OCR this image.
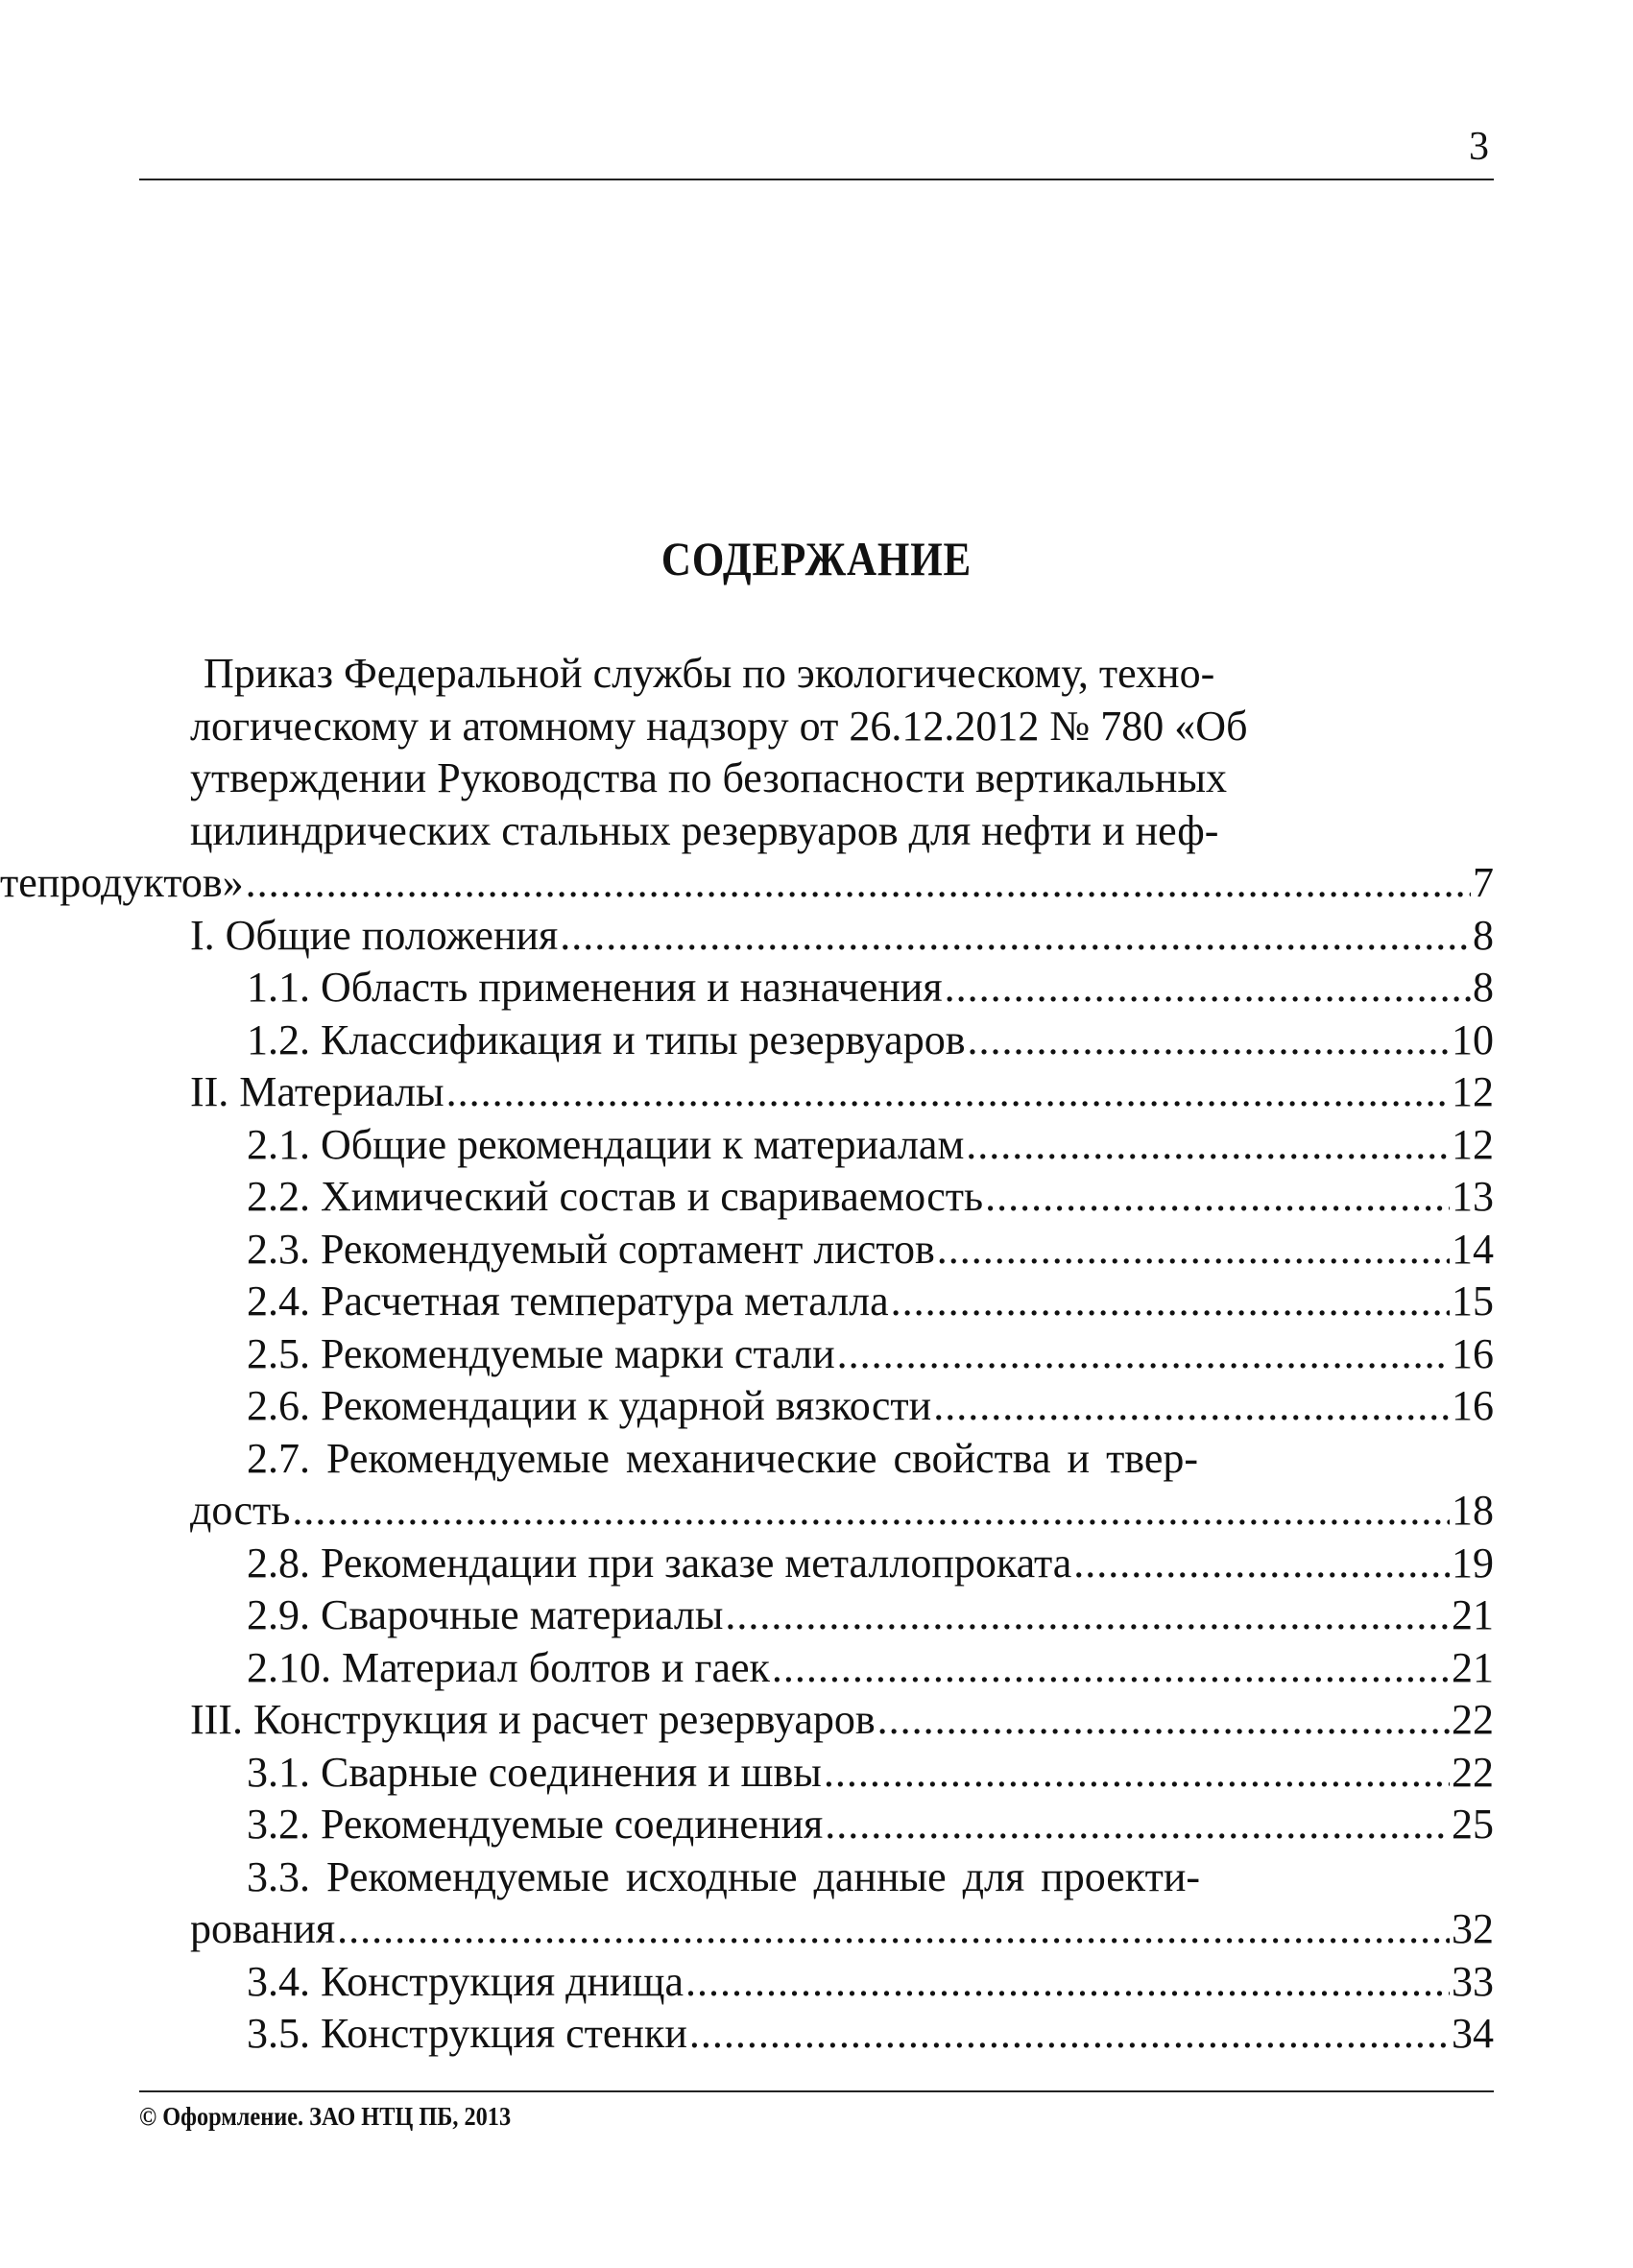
3
СОДЕРЖАНИЕ
Приказ Федеральной службы по экологическому, техно-
логическому и атомному надзору от 26.12.2012 № 780 «Об
утверждении Руководства по безопасности вертикальных
цилиндрических стальных резервуаров для нефти и неф-
тепродуктов» .....	7
I. Общие положения .....	8
1.1. Область применения и назначения .....	8
1.2. Классификация и типы резервуаров .....	10
II. Материалы .....	12
2.1. Общие рекомендации к материалам .....	12
2.2. Химический состав и свариваемость .....	13
2.3. Рекомендуемый сортамент листов .....	14
2.4. Расчетная температура металла .....	15
2.5. Рекомендуемые марки стали .....	16
2.6. Рекомендации к ударной вязкости .....	16
2.7. Рекомендуемые механические свойства и твер-
дость .....	18
2.8. Рекомендации при заказе металлопроката .....	19
2.9. Сварочные материалы .....	21
2.10. Материал болтов и гаек .....	21
III. Конструкция и расчет резервуаров .....	22
3.1. Сварные соединения и швы .....	22
3.2. Рекомендуемые соединения .....	25
3.3. Рекомендуемые исходные данные для проекти-
рования .....	32
3.4. Конструкция днища .....	33
3.5. Конструкция стенки .....	34
© Оформление. ЗАО НТЦ ПБ, 2013
